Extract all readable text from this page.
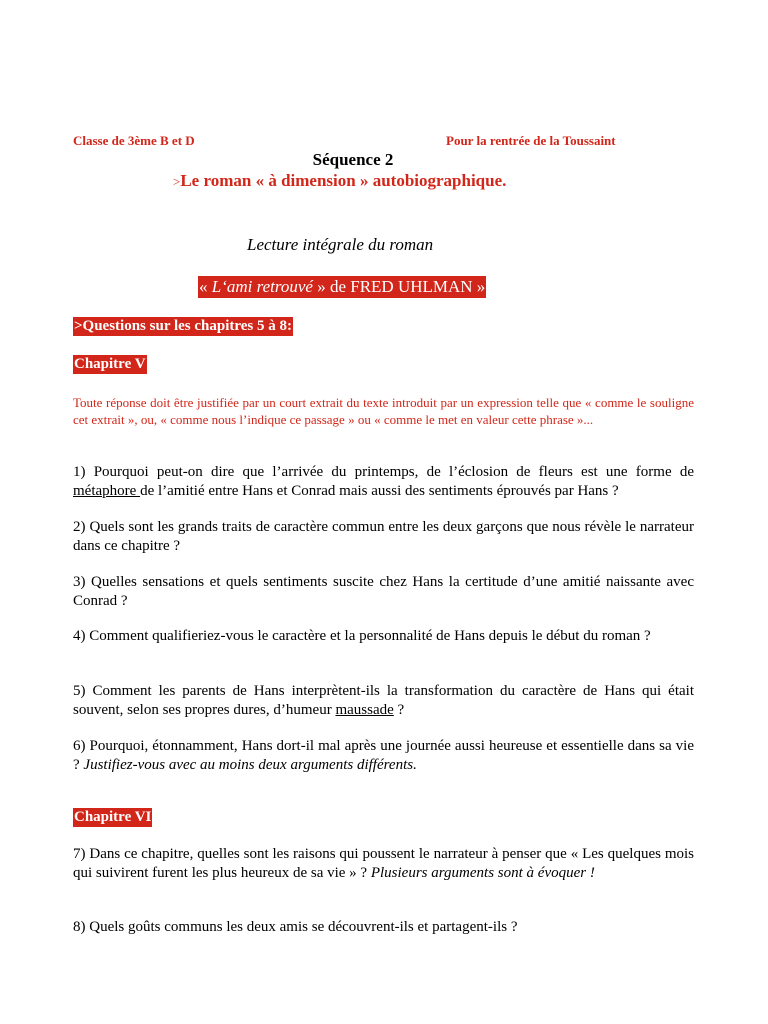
Classe de 3ème B et D	Pour la rentrée de la Toussaint
Séquence 2
>Le roman « à dimension » autobiographique.
Lecture intégrale du roman
« L‘ami retrouvé » de FRED UHLMAN »
>Questions sur les chapitres 5 à 8:
Chapitre V
Toute réponse doit être justifiée par un court extrait du texte introduit par un expression telle que « comme le souligne cet extrait », ou, « comme nous l’indique ce passage » ou « comme le met en valeur cette phrase »...
1) Pourquoi peut-on dire que l’arrivée du printemps, de l’éclosion de fleurs est une forme de métaphore de l’amitié entre Hans et Conrad mais aussi des sentiments éprouvés par Hans ?
2) Quels sont les grands traits de caractère commun entre les deux garçons que nous révèle le narrateur dans ce chapitre ?
3) Quelles sensations et quels sentiments suscite chez Hans la certitude d’une amitié naissante avec Conrad ?
4) Comment qualifieriez-vous le caractère et la personnalité de Hans depuis le début du roman ?
5) Comment les parents de Hans interprètent-ils la transformation du caractère de Hans qui était souvent, selon ses propres dures, d’humeur maussade ?
6) Pourquoi, étonnamment, Hans dort-il mal après une journée aussi heureuse et essentielle dans sa vie ? Justifiez-vous avec au moins deux arguments différents.
Chapitre VI
7) Dans ce chapitre, quelles sont les raisons qui poussent le narrateur à penser que « Les quelques mois qui suivirent furent les plus heureux de sa vie » ? Plusieurs arguments sont à évoquer !
8) Quels goûts communs les deux amis se découvrent-ils et partagent-ils ?
